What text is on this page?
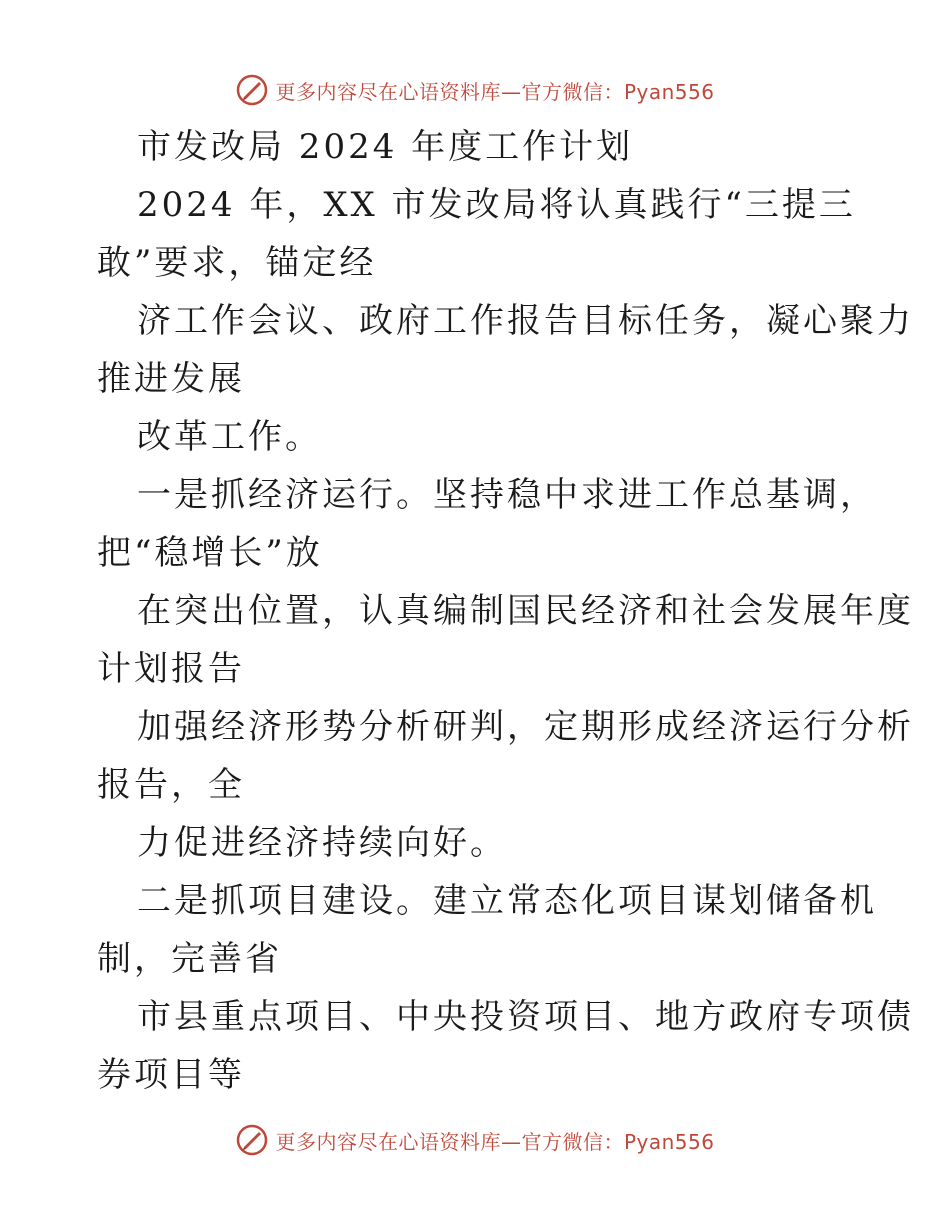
更多内容尽在心语资料库—官方微信：Pyan556
市发改局 2024 年度工作计划
2024 年，XX 市发改局将认真践行“三提三
敢”要求，锚定经
济工作会议、政府工作报告目标任务，凝心聚力
推进发展
改革工作。
一是抓经济运行。坚持稳中求进工作总基调，
把“稳增长”放
在突出位置，认真编制国民经济和社会发展年度
计划报告
加强经济形势分析研判，定期形成经济运行分析
报告，全
力促进经济持续向好。
二是抓项目建设。建立常态化项目谋划储备机
制，完善省
市县重点项目、中央投资项目、地方政府专项债
券项目等
更多内容尽在心语资料库—官方微信：Pyan556
